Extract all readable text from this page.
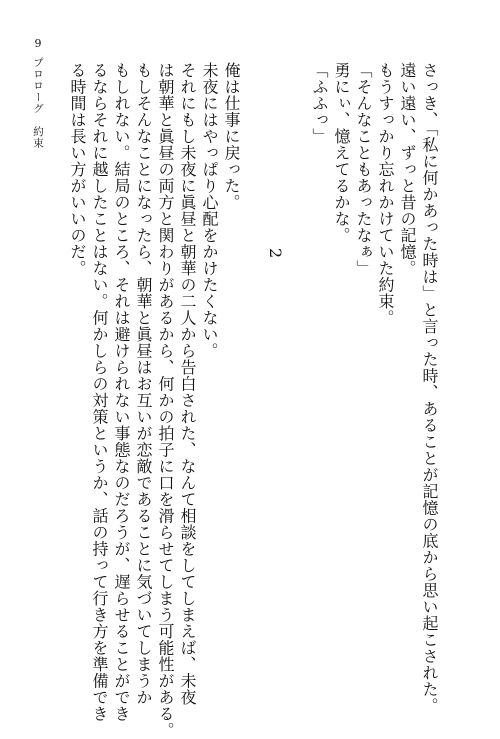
9
プロローグ　約束	さっき、「私に何かあった時は」と言った時、あることが記憶の底から思い起こされた。
遠い遠い、ずっと昔の記憶。
もうすっかり忘れかけていた約束。
「そんなこともあったなぁ」
勇にぃ、憶えてるかな。
「ふふっ」

2

俺は仕事に戻った。
未夜にはやっぱり心配をかけたくない。
それにもし未夜に眞昼と朝華の二人から告白された、なんて相談をしてしまえば、未夜
は朝華と眞昼の両方と関わりがあるから、何かの拍子に口を滑らせてしまう可能性がある。
もしそんなことになったら、朝華と眞昼はお互いが恋敵であることに気づいてしまうか
もしれない。結局のところ、それは避けられない事態なのだろうが、遅らせることができ
るならそれに越したことはない。何かしらの対策というか、話の持って行き方を準備でき
る時間は長い方がいいのだ。
